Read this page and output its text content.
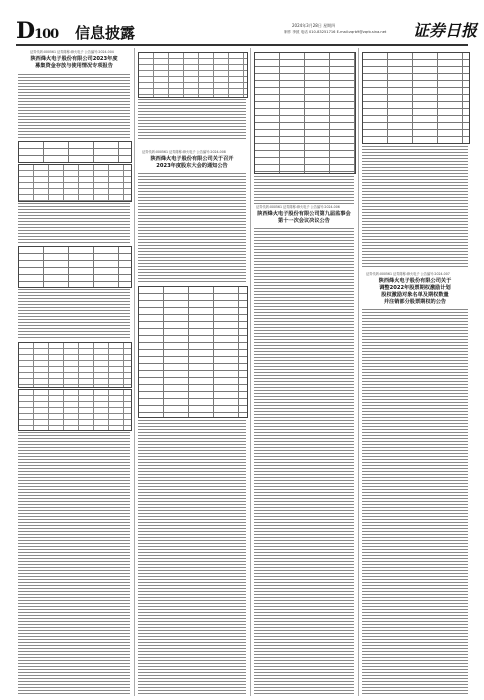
D100 信息披露	2024年3月28日 星期四
制作 李波 电话 010-83251716 E-mail:zqrb9@zqrb.sina.net 证券日报
证券代码:000561 证券简称:烽火电子 公告编号:2024-004
陕西烽火电子股份有限公司2023年度
募集资金存放与使用情况专项报告
证券代码:000561 证券简称:烽火电子 公告编号:2024-008
陕西烽火电子股份有限公司关于召开
2023年度股东大会的通知公告
证券代码:000561 证券简称:烽火电子 公告编号:2024-006
陕西烽火电子股份有限公司第九届监事会
第十一次会议决议公告
证券代码:000561 证券简称:烽火电子 公告编号:2024-007
陕西烽火电子股份有限公司关于
调整2022年股票期权激励计划
股权激励对象名单及期权数量
并注销部分股票期权的公告
